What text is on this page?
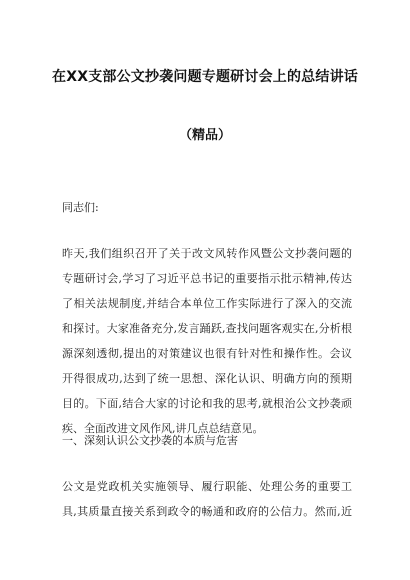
在XX支部公文抄袭问题专题研讨会上的总结讲话
（精品）

同志们:

昨天,我们组织召开了关于改文风转作风暨公文抄袭问题的
专题研讨会,学习了习近平总书记的重要指示批示精神,传达
了相关法规制度,并结合本单位工作实际进行了深入的交流
和探讨。大家准备充分,发言踊跃,查找问题客观实在,分析根
源深刻透彻,提出的对策建议也很有针对性和操作性。会议
开得很成功,达到了统一思想、深化认识、明确方向的预期
目的。下面,结合大家的讨论和我的思考,就根治公文抄袭顽
疾、全面改进文风作风,讲几点总结意见。

一、深刻认识公文抄袭的本质与危害

公文是党政机关实施领导、履行职能、处理公务的重要工
具,其质量直接关系到政令的畅通和政府的公信力。然而,近
